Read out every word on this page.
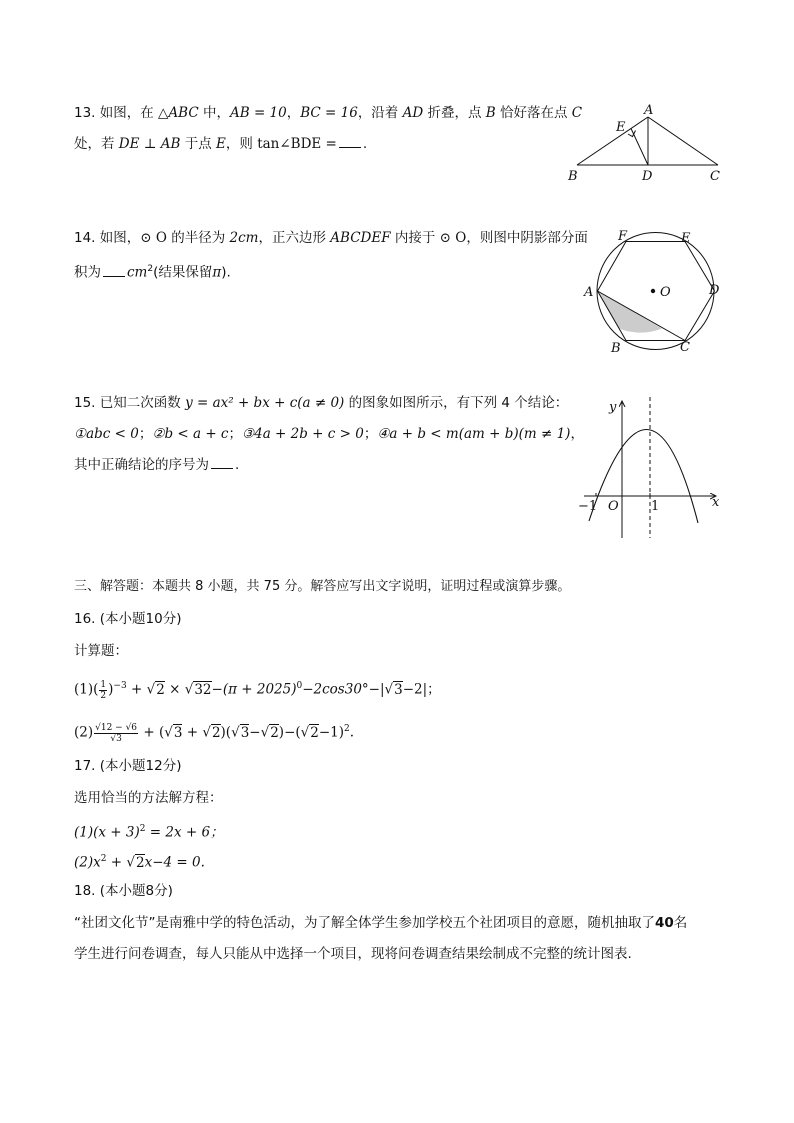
13. 如图，在 △ABC 中，AB = 10，BC = 16，沿着 AD 折叠，点 B 恰好落在点 C
处，若 DE ⊥ AB 于点 E，则 tan∠BDE = .
A
E
B	D	C
14. 如图，⊙ O 的半径为 2cm，正六边形 ABCDEF 内接于 ⊙ O，则图中阴影部分面
积为 $cm^2$(结果保留π).
F	E
A	O	D
B	C
15. 已知二次函数 y = ax² + bx + c(a ≠ 0) 的图象如图所示，有下列 4 个结论：
①abc < 0；②b < a + c；③4a + 2b + c > 0；④a + b < m(am + b)(m ≠ 1)，
其中正确结论的序号为 .
y
x
−1 O 1
三、解答题：本题共 8 小题，共 75 分。解答应写出文字说明，证明过程或演算步骤。
16. (本小题10分)
计算题：
$(1)( \frac{1}{2} )^{-3} + √2 \times √32-(\pi + 2025)^0-2\cos 30^\circ-|√3-2|$；
$(2) \frac{√12 - √6}{√3} + (√3 + √2)(√3-√2)-(√2-1)^2$.
17. (本小题12分)
选用恰当的方法解方程：
$(1)(x + 3)^2 = 2x + 6$；
$(2)x^2 + √2x-4 = 0$.
18. (本小题8分)
“社团文化节”是南雅中学的特色活动，为了解全体学生参加学校五个社团项目的意愿，随机抽取了40名
学生进行问卷调查，每人只能从中选择一个项目，现将问卷调查结果绘制成不完整的统计图表.
